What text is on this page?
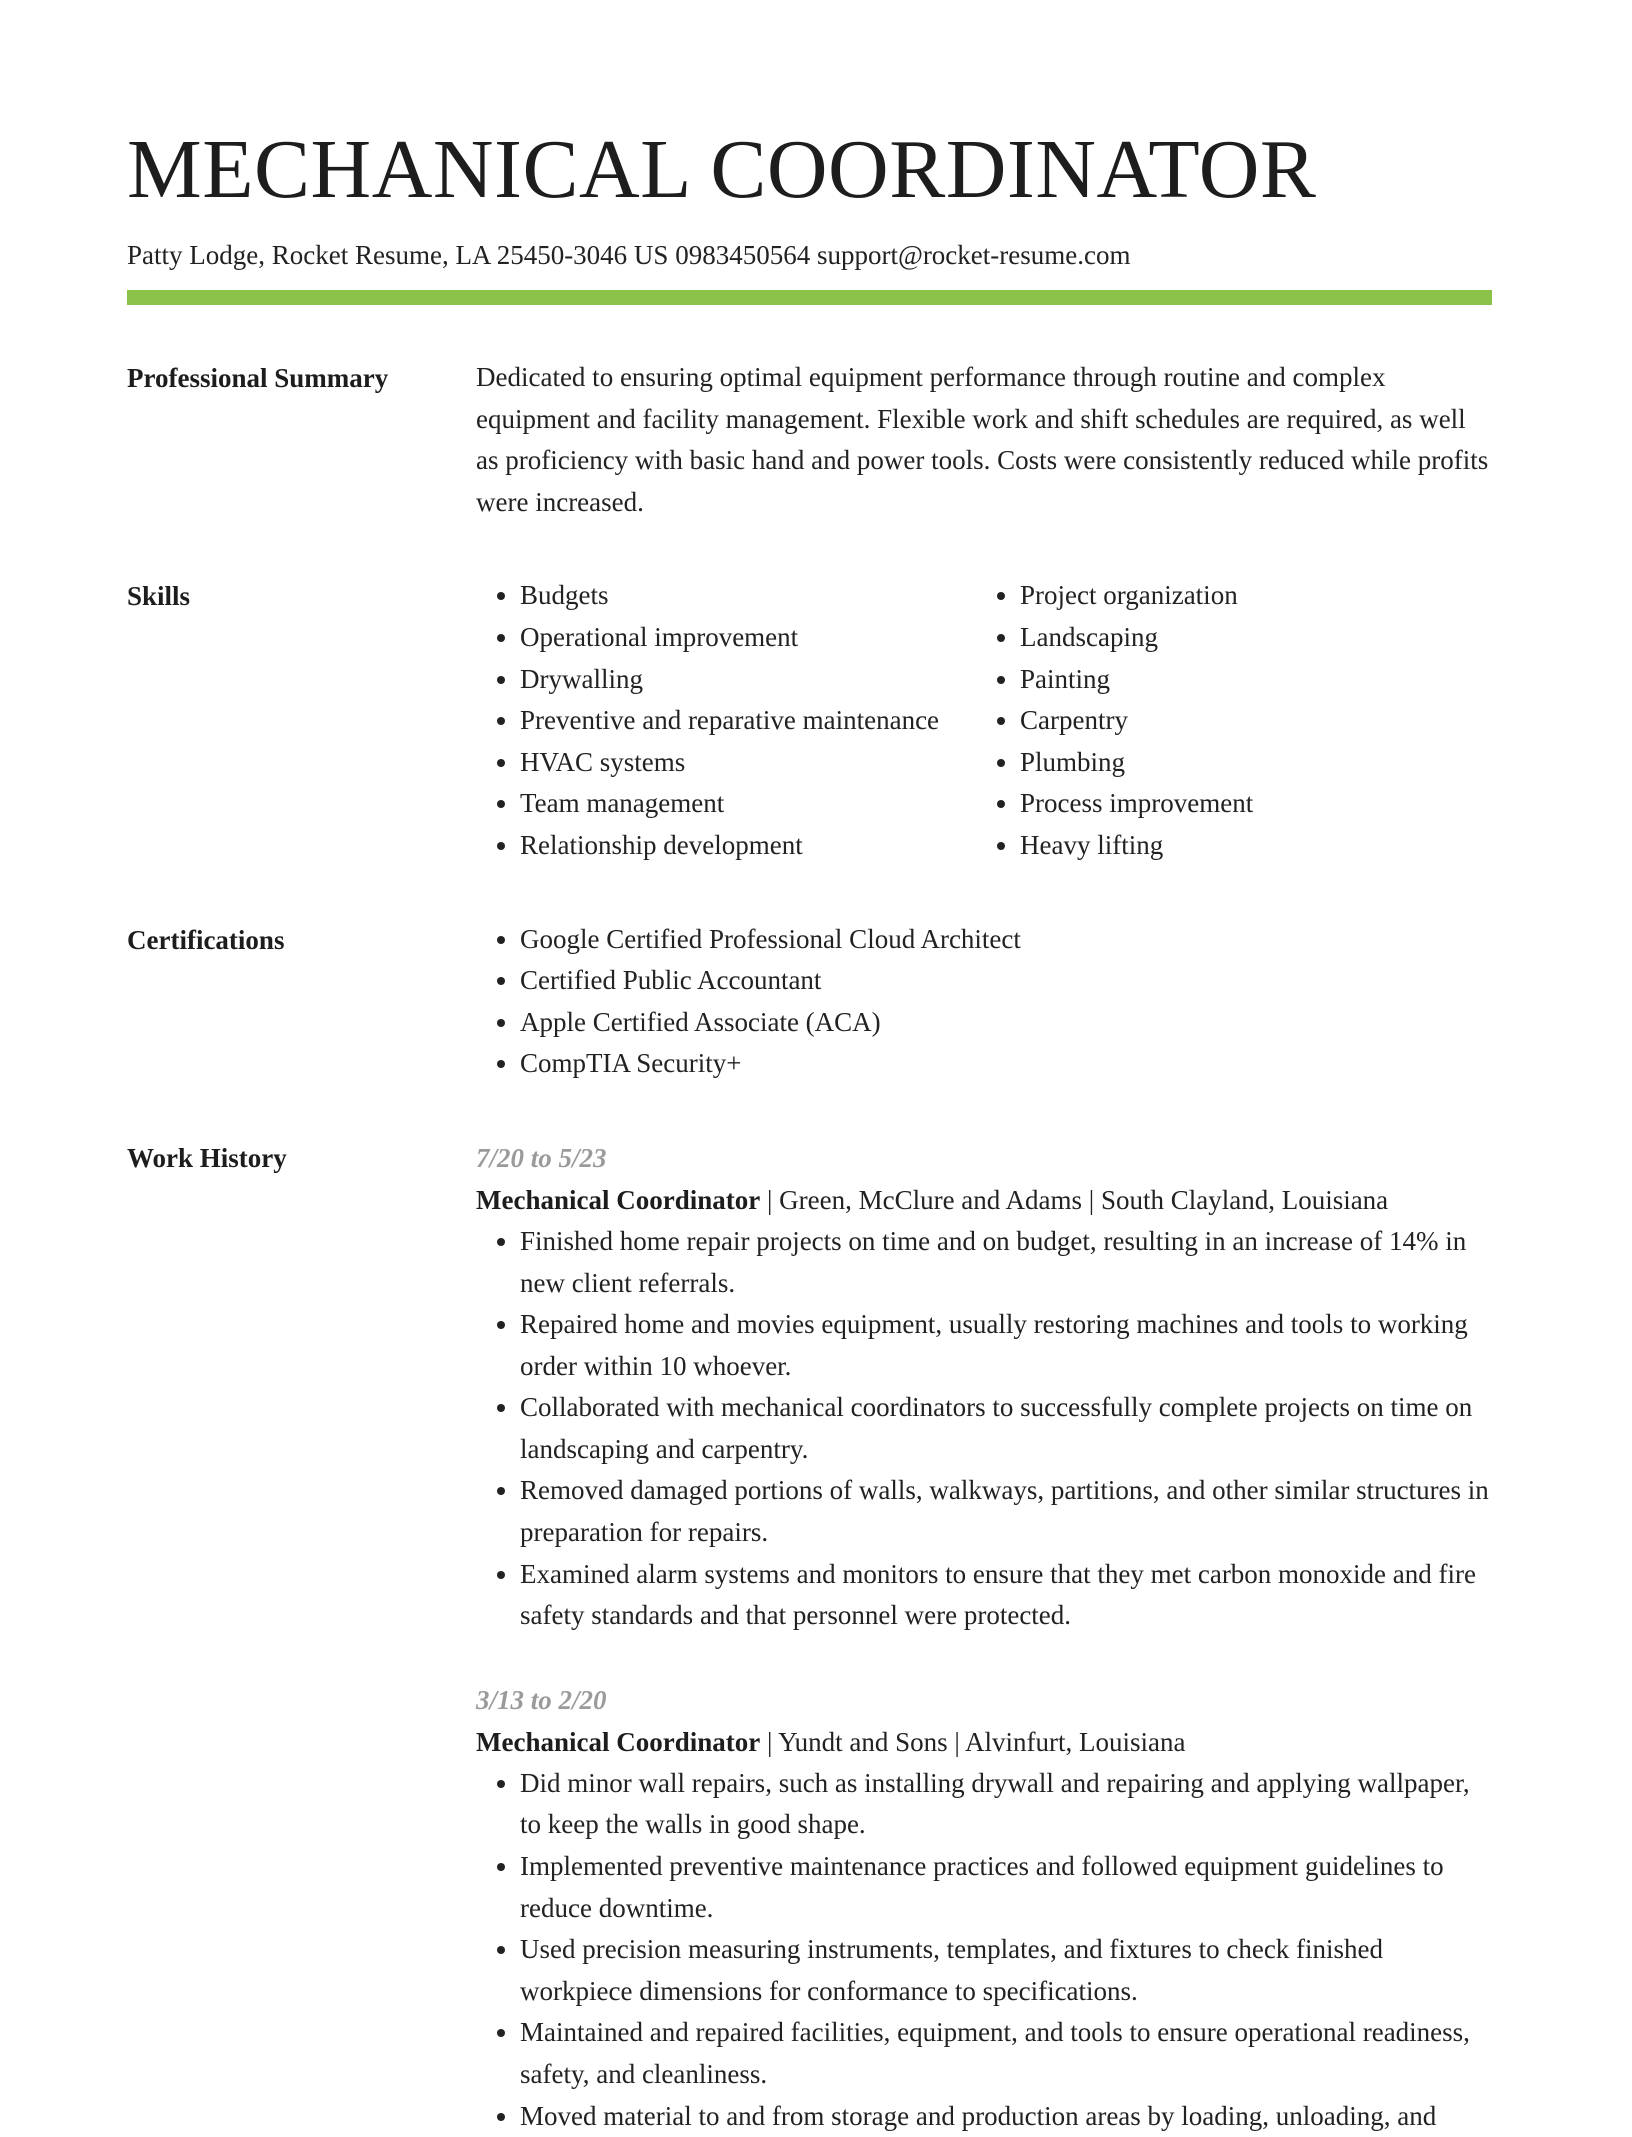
MECHANICAL COORDINATOR
Patty Lodge, Rocket Resume, LA 25450-3046 US 0983450564 support@rocket-resume.com
Professional Summary	Dedicated to ensuring optimal equipment performance through routine and complex equipment and facility management. Flexible work and shift schedules are required, as well as proficiency with basic hand and power tools. Costs were consistently reduced while profits were increased.

Skills	• Budgets
• Operational improvement
• Drywalling
• Preventive and reparative maintenance
• HVAC systems
• Team management
• Relationship development
• Project organization
• Landscaping
• Painting
• Carpentry
• Plumbing
• Process improvement
• Heavy lifting
Certifications	• Google Certified Professional Cloud Architect
• Certified Public Accountant
• Apple Certified Associate (ACA)
• CompTIA Security+
Work History	7/20 to 5/23
Mechanical Coordinator | Green, McClure and Adams | South Clayland, Louisiana
• Finished home repair projects on time and on budget, resulting in an increase of 14% in new client referrals.
• Repaired home and movies equipment, usually restoring machines and tools to working order within 10 whoever.
• Collaborated with mechanical coordinators to successfully complete projects on time on landscaping and carpentry.
• Removed damaged portions of walls, walkways, partitions, and other similar structures in preparation for repairs.
• Examined alarm systems and monitors to ensure that they met carbon monoxide and fire safety standards and that personnel were protected.
3/13 to 2/20
Mechanical Coordinator | Yundt and Sons | Alvinfurt, Louisiana
• Did minor wall repairs, such as installing drywall and repairing and applying wallpaper, to keep the walls in good shape.
• Implemented preventive maintenance practices and followed equipment guidelines to reduce downtime.
• Used precision measuring instruments, templates, and fixtures to check finished workpiece dimensions for conformance to specifications.
• Maintained and repaired facilities, equipment, and tools to ensure operational readiness, safety, and cleanliness.
• Moved material to and from storage and production areas by loading, unloading, and
